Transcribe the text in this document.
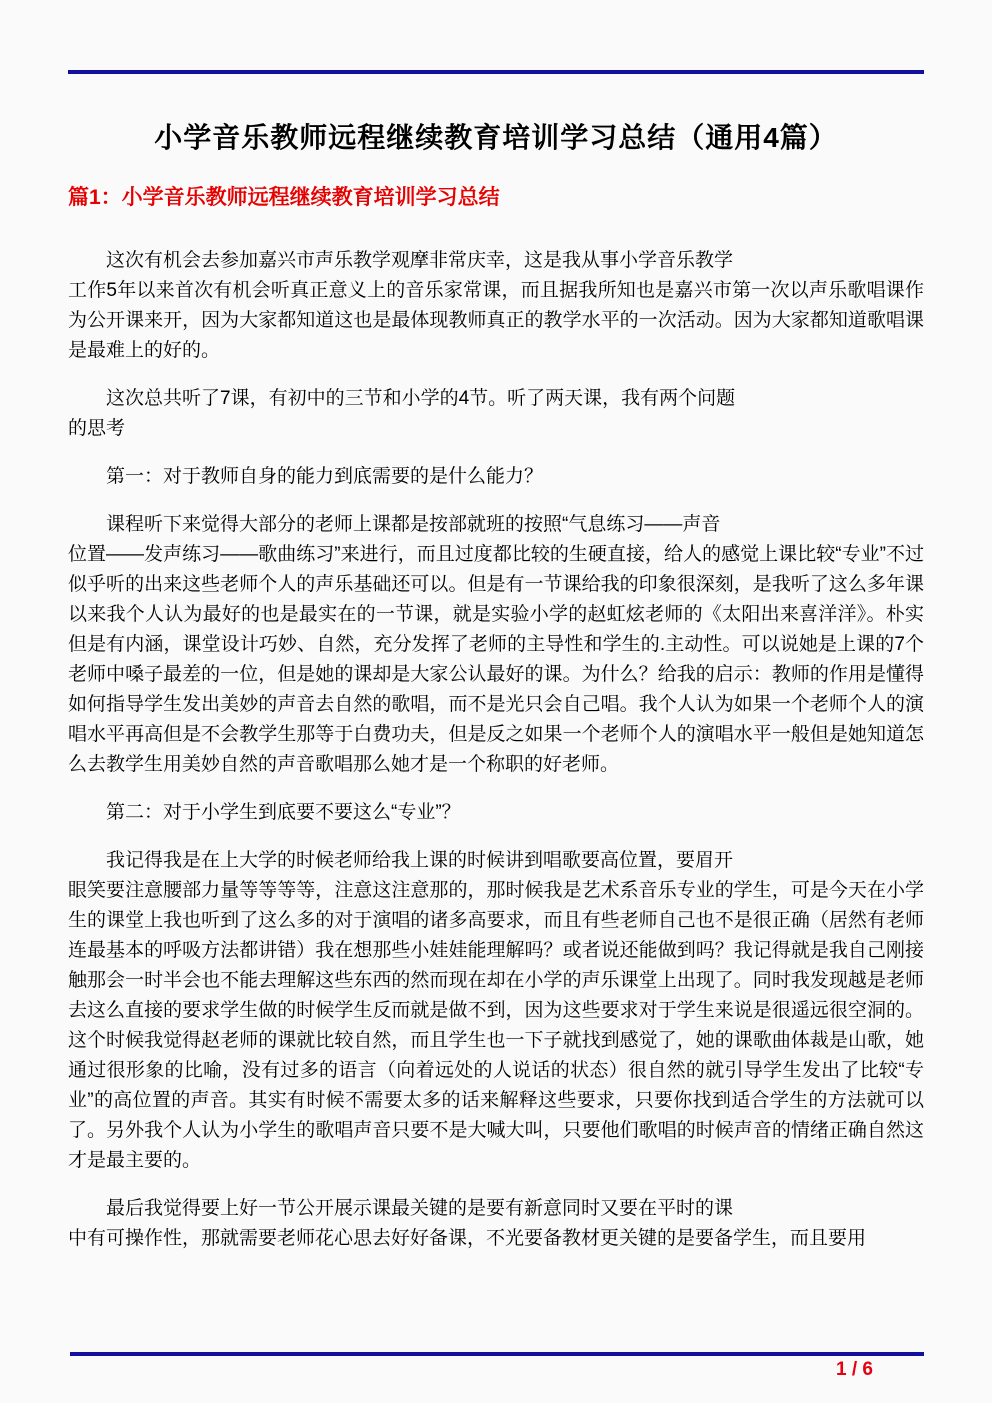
小学音乐教师远程继续教育培训学习总结（通用4篇）
篇1：小学音乐教师远程继续教育培训学习总结

这次有机会去参加嘉兴市声乐教学观摩非常庆幸，这是我从事小学音乐教学
工作5年以来首次有机会听真正意义上的音乐家常课，而且据我所知也是嘉兴市第一次以声乐歌唱课作为公开课来开，因为大家都知道这也是最体现教师真正的教学水平的一次活动。因为大家都知道歌唱课是最难上的好的。

这次总共听了7课，有初中的三节和小学的4节。听了两天课，我有两个问题
的思考

第一：对于教师自身的能力到底需要的是什么能力？

课程听下来觉得大部分的老师上课都是按部就班的按照“气息练习——声音
位置——发声练习——歌曲练习”来进行，而且过度都比较的生硬直接，给人的感觉上课比较“专业”不过似乎听的出来这些老师个人的声乐基础还可以。但是有一节课给我的印象很深刻，是我听了这么多年课以来我个人认为最好的也是最实在的一节课，就是实验小学的赵虹炫老师的《太阳出来喜洋洋》。朴实但是有内涵，课堂设计巧妙、自然，充分发挥了老师的主导性和学生的.主动性。可以说她是上课的7个老师中嗓子最差的一位，但是她的课却是大家公认最好的课。为什么？给我的启示：教师的作用是懂得如何指导学生发出美妙的声音去自然的歌唱，而不是光只会自己唱。我个人认为如果一个老师个人的演唱水平再高但是不会教学生那等于白费功夫，但是反之如果一个老师个人的演唱水平一般但是她知道怎么去教学生用美妙自然的声音歌唱那么她才是一个称职的好老师。

第二：对于小学生到底要不要这么“专业”？

我记得我是在上大学的时候老师给我上课的时候讲到唱歌要高位置，要眉开
眼笑要注意腰部力量等等等等，注意这注意那的，那时候我是艺术系音乐专业的学生，可是今天在小学生的课堂上我也听到了这么多的对于演唱的诸多高要求，而且有些老师自己也不是很正确（居然有老师连最基本的呼吸方法都讲错）我在想那些小娃娃能理解吗？或者说还能做到吗？我记得就是我自己刚接触那会一时半会也不能去理解这些东西的然而现在却在小学的声乐课堂上出现了。同时我发现越是老师去这么直接的要求学生做的时候学生反而就是做不到，因为这些要求对于学生来说是很遥远很空洞的。这个时候我觉得赵老师的课就比较自然，而且学生也一下子就找到感觉了，她的课歌曲体裁是山歌，她通过很形象的比喻，没有过多的语言（向着远处的人说话的状态）很自然的就引导学生发出了比较“专业”的高位置的声音。其实有时候不需要太多的话来解释这些要求，只要你找到适合学生的方法就可以了。另外我个人认为小学生的歌唱声音只要不是大喊大叫，只要他们歌唱的时候声音的情绪正确自然这才是最主要的。

最后我觉得要上好一节公开展示课最关键的是要有新意同时又要在平时的课
中有可操作性，那就需要老师花心思去好好备课，不光要备教材更关键的是要备学生，而且要用

1 / 6
